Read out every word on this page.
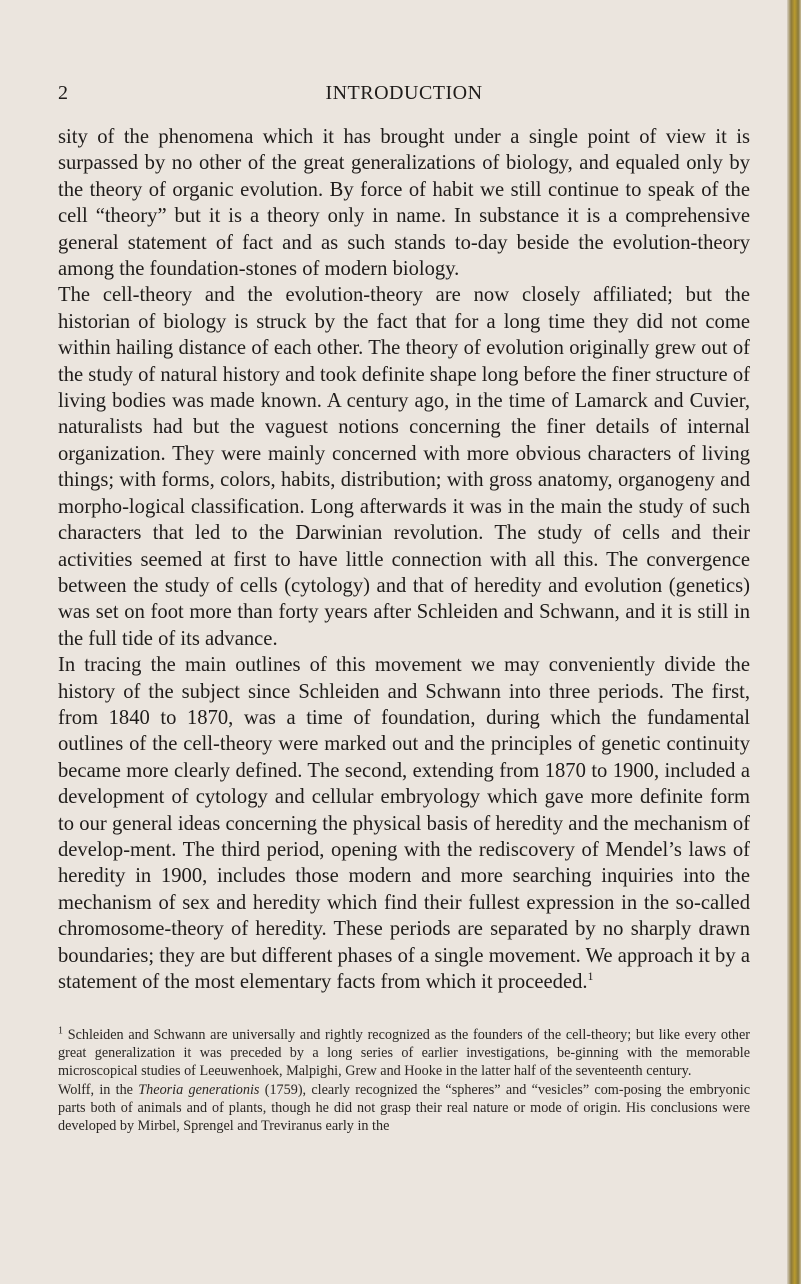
2	INTRODUCTION

sity of the phenomena which it has brought under a single point of view it is surpassed by no other of the great generalizations of biology, and equaled only by the theory of organic evolution. By force of habit we still continue to speak of the cell “theory” but it is a theory only in name. In substance it is a comprehensive general statement of fact and as such stands to-day beside the evolution-theory among the foundation-stones of modern biology.

The cell-theory and the evolution-theory are now closely affiliated; but the historian of biology is struck by the fact that for a long time they did not come within hailing distance of each other. The theory of evolution originally grew out of the study of natural history and took definite shape long before the finer structure of living bodies was made known. A century ago, in the time of Lamarck and Cuvier, naturalists had but the vaguest notions concerning the finer details of internal organization. They were mainly concerned with more obvious characters of living things; with forms, colors, habits, distribution; with gross anatomy, organogeny and morpho-logical classification. Long afterwards it was in the main the study of such characters that led to the Darwinian revolution. The study of cells and their activities seemed at first to have little connection with all this. The convergence between the study of cells (cytology) and that of heredity and evolution (genetics) was set on foot more than forty years after Schleiden and Schwann, and it is still in the full tide of its advance.

In tracing the main outlines of this movement we may conveniently divide the history of the subject since Schleiden and Schwann into three periods. The first, from 1840 to 1870, was a time of foundation, during which the fundamental outlines of the cell-theory were marked out and the principles of genetic continuity became more clearly defined. The second, extending from 1870 to 1900, included a development of cytology and cellular embryology which gave more definite form to our general ideas concerning the physical basis of heredity and the mechanism of develop-ment. The third period, opening with the rediscovery of Mendel’s laws of heredity in 1900, includes those modern and more searching inquiries into the mechanism of sex and heredity which find their fullest expression in the so-called chromosome-theory of heredity. These periods are separated by no sharply drawn boundaries; they are but different phases of a single movement. We approach it by a statement of the most elementary facts from which it proceeded.$^1$

$^1$ Schleiden and Schwann are universally and rightly recognized as the founders of the cell-theory; but like every other great generalization it was preceded by a long series of earlier investigations, be-ginning with the memorable microscopical studies of Leeuwenhoek, Malpighi, Grew and Hooke in the latter half of the seventeenth century.

Wolff, in the Theoria generationis (1759), clearly recognized the “spheres” and “vesicles” com-posing the embryonic parts both of animals and of plants, though he did not grasp their real nature or mode of origin. His conclusions were developed by Mirbel, Sprengel and Treviranus early in the
